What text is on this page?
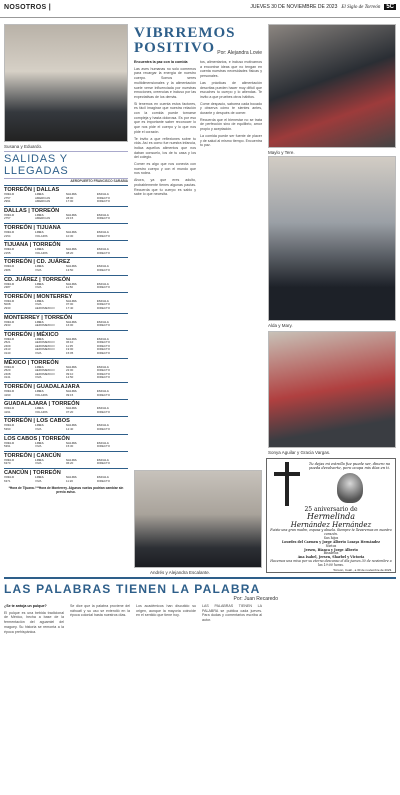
NOSOTROS |	JUEVES 30 DE NOVIEMBRE DE 2023 El Siglo de Torreón	5C
Susana y Eduardo.
SALIDAS Y LLEGADAS
AEROPUERTO FRANCISCO SARABIA
TORREÓN | DALLAS
VUELO	LÍNEA	SALIDA	ESCALA
2757	AMERICAN	08:00	DIRECTO
2991	AMERICAN	17:00	DIRECTO
DALLAS | TORREÓN
VUELO	LÍNEA	SALIDA	ESCALA
2757	AMERICAN	22:15	DIRECTO
TORREÓN | TIJUANA
VUELO	LÍNEA	SALIDA	ESCALA
2154	VOLARIS	10:30	DIRECTO
TIJUANA | TORREÓN
VUELO	LÍNEA	SALIDA	ESCALA
2155	VOLARIS	08:20	DIRECTO
TORREÓN | CD. JUÁREZ
VUELO	LÍNEA	SALIDA	ESCALA
2386	VIVA	13:50	DIRECTO
CD. JUÁREZ | TORREÓN
VUELO	LÍNEA	SALIDA	ESCALA
2387	VIVA	11:50	DIRECTO
TORREÓN | MONTERREY
VUELO	LÍNEA	SALIDA	ESCALA
5008	VIVA	07:00	DIRECTO
2930	AEROMÉXICO	17:40	DIRECTO
MONTERREY | TORREÓN
VUELO	LÍNEA	SALIDA	ESCALA
2933	AEROMÉXICO	16:00	DIRECTO
TORREÓN | MÉXICO
VUELO	LÍNEA	SALIDA	ESCALA
2521	AEROMÉXICO	06:10	DIRECTO
2409	AEROMÉXICO	11:35	DIRECTO
2413	AEROMÉXICO	19:00	DIRECTO
3140	VIVA	15:05	DIRECTO
MÉXICO | TORREÓN
VUELO	LÍNEA	SALIDA	ESCALA
2520	AEROMÉXICO	22:00	DIRECTO
2408	AEROMÉXICO	09:10	DIRECTO
3141	VIVA	12:50	DIRECTO
TORREÓN | GUADALAJARA
VUELO	LÍNEA	SALIDA	ESCALA
4190	VOLARIS	09:15	DIRECTO
GUADALAJARA | TORREÓN
VUELO	LÍNEA	SALIDA	ESCALA
4191	VOLARIS	07:20	DIRECTO
TORREÓN | LOS CABOS
VUELO	LÍNEA	SALIDA	ESCALA
5390	VIVA	12:40	DIRECTO
LOS CABOS | TORREÓN
VUELO	LÍNEA	SALIDA	ESCALA
5391	VIVA	15:30	DIRECTO
TORREÓN | CANCÚN
VUELO	LÍNEA	SALIDA	ESCALA
6370	VIVA	06:20	DIRECTO
CANCÚN | TORREÓN
VUELO	LÍNEA	SALIDA	ESCALA
6371	VIVA	11:20	DIRECTO
*Hora de Tijuana / **Hora de Monterrey. Algunos vuelos podrían cambiar sin previo aviso.
VIBRREMOS
POSITIVO Por: Alejandra Lovie

Encuentra la paz con la comida

Las aves humanas no solo comemos para recargar la energía de nuestro cuerpo. Somos seres multidimensionales y la alimentación suele verse influenciada por nuestras emociones, creencias e incluso por las expectativas de los demás.

Si tenemos en cuenta estos factores, es fácil imaginar que nuestra relación con la comida puede tornarse compleja y hasta dolorosa. Es por eso que es importante saber reconocer lo que nos pide el cuerpo y lo que nos pide el corazón.

Te invito a que reflexiones sobre tu vida. Así es como fue nuestra infancia, indica aquellos alimentos que nos daban consuelo, los de tu casa y los del colegio.

Comer es algo que nos conecta con nuestro cuerpo y con el mundo que nos rodea.

Ahora, ya que eres adulto, probablemente tienes algunas pautas. Recuerda que tu cuerpo es sabio y sabe lo que necesita.

tos, alimentarios, e incluso motivarnos a encontrar ideas que no tengan en cuenta nuestras necesidades físicas y personales.

Las prácticas de alimentación descritas pueden hacer muy difícil que escuches tu cuerpo y lo atiendas. Te invito a que pruebes otros hábitos.

Come despacio, saborea cada bocado y observa cómo te sientes antes, durante y después de comer.

Recuerda que el bienestar no se trata de perfección sino de equilibrio, amor propio y aceptación.

La comida puede ser fuente de placer y de salud al mismo tiempo. Encuentra tu paz.

Andrés y Alejandra Escalante.
Maylo y Tere.
Alda y Mary.
Sonya Aguilar y Gracia Vargas.
Tu dejas mi estrella fue puede ser, dinero no pueda devolverte, pero ocupa mis días en ti.
25 aniversario de
Hermelinda
Hernández Hernández
Fuiste una gran madre, esposa y abuela. Siempre te llevaremos en nuestro corazón.
Sus hijos
Lourdes del Carmen y Jorge Alberto Lozaya Hernández
Nietos
Jersen, Bianca y Jorge Alberto
Bisnietos
Ana Isabel, Jersen, Sharbel y Victoria
Hacemos una misa por su eterno descanso el día jueves 30 de noviembre a las 19:00 horas.
Torreón, Coah., a 30 de noviembre de 2023.
LAS PALABRAS TIENEN LA PALABRA
Por: Juan Recaredo

¿Se te antoja un pulque?

El pulque es una bebida tradicional de México, hecha a base de la fermentación del aguamiel del maguey. Su historia se remonta a la época prehispánica.

Se dice que la palabra proviene del náhuatl y su uso se extendió en la época colonial hasta nuestros días.

Los académicos han discutido su origen, aunque la mayoría coincide en el sentido que tiene hoy.

LAS PALABRAS TIENEN LA PALABRA se publica cada jueves. Para dudas y comentarios escriba al autor.
